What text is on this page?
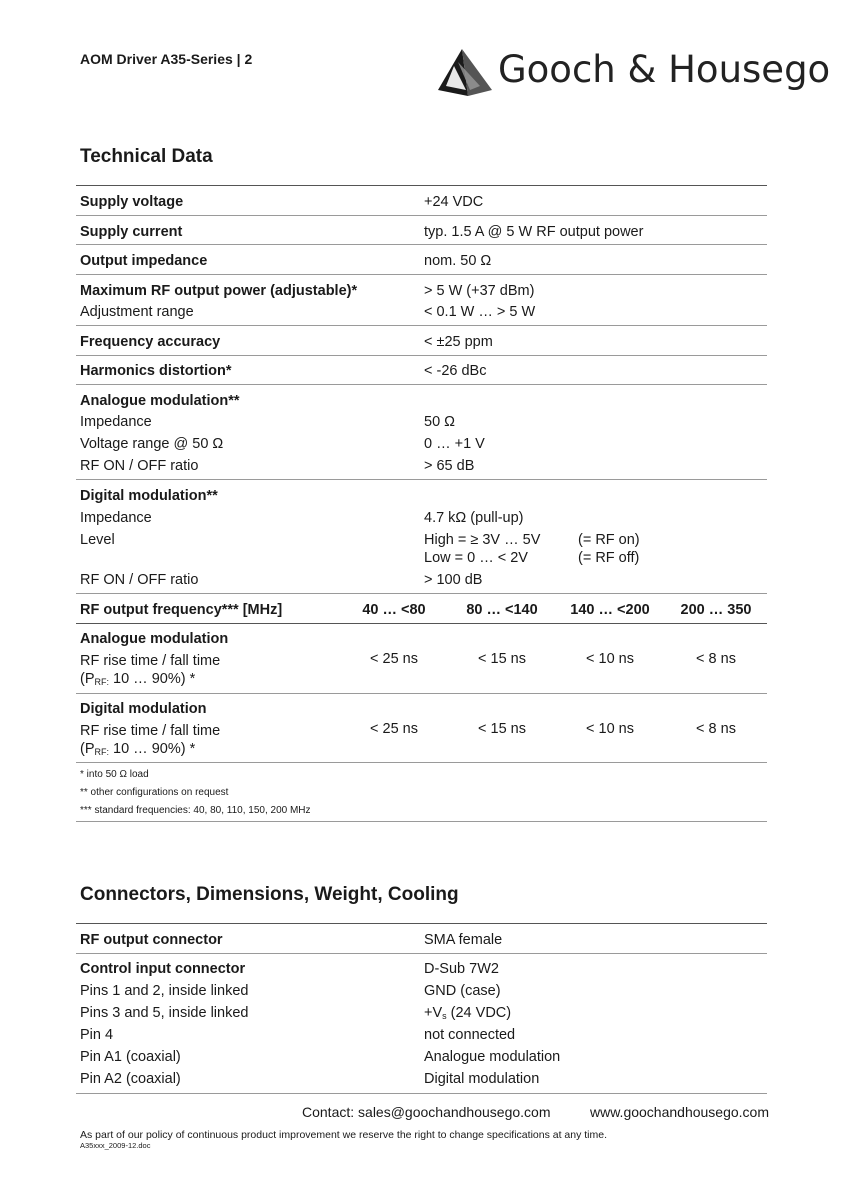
AOM Driver A35-Series | 2	Gooch & Housego
Technical Data
Supply voltage	+24 VDC
Supply current	typ. 1.5 A @ 5 W RF output power
Output impedance	nom. 50 Ω
Maximum RF output power (adjustable)*	> 5 W (+37 dBm)
Adjustment range	< 0.1 W … > 5 W
Frequency accuracy	< ±25 ppm
Harmonics distortion*	< -26 dBc
Analogue modulation**
Impedance	50 Ω
Voltage range @ 50 Ω	0 … +1 V
RF ON / OFF ratio	> 65 dB
Digital modulation**
Impedance	4.7 kΩ (pull-up)
Level	High = ≥ 3V … 5V	(= RF on)
Low = 0 … < 2V	(= RF off)
RF ON / OFF ratio	> 100 dB
RF output frequency*** [MHz]	40 … <80	80 … <140	140 … <200	200 … 350
Analogue modulation
RF rise time / fall time
($P_{RF:}$ 10 … 90%) *
< 25 ns	< 15 ns	< 10 ns	< 8 ns
Digital modulation
RF rise time / fall time
($P_{RF:}$ 10 … 90%) *
< 25 ns	< 15 ns	< 10 ns	< 8 ns
* into 50 Ω load
** other configurations on request
*** standard frequencies: 40, 80, 110, 150, 200 MHz
Connectors, Dimensions, Weight, Cooling
RF output connector	SMA female
Control input connector	D-Sub 7W2
Pins 1 and 2, inside linked	GND (case)
Pins 3 and 5, inside linked	$+V_s$ (24 VDC)
Pin 4	not connected
Pin A1 (coaxial)	Analogue modulation
Pin A2 (coaxial)	Digital modulation
Contact: sales@goochandhousego.com	www.goochandhousego.com
As part of our policy of continuous product improvement we reserve the right to change specifications at any time.
A35xxx_2009-12.doc
